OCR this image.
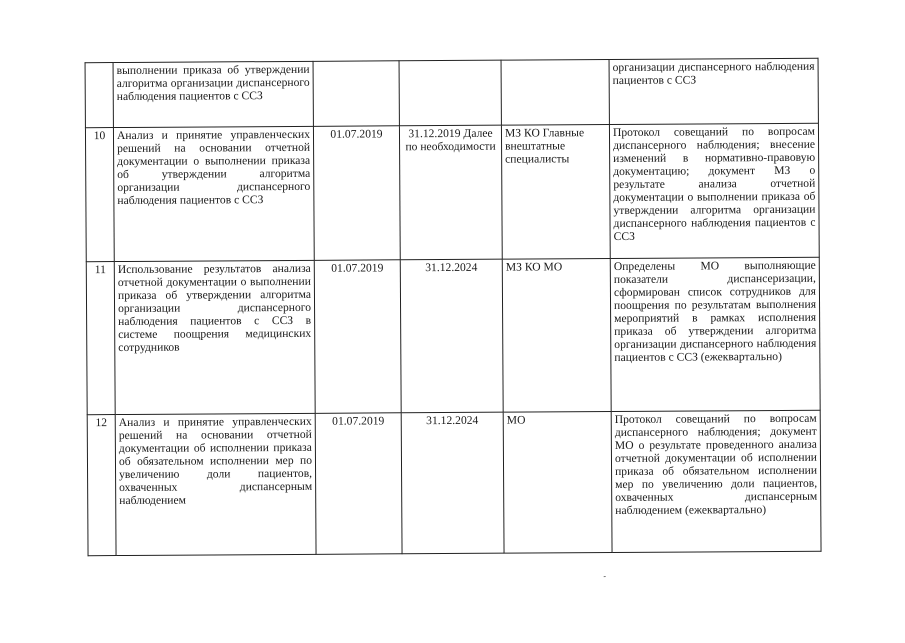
	выполнении приказа об утверждении алгоритма организации диспансерного наблюдения пациентов с ССЗ				организации диспансерного наблюдения пациентов с ССЗ
10	Анализ и принятие управленческих решений на основании отчетной документации о выполнении приказа об утверждении алгоритма организации диспансерного наблюдения пациентов с ССЗ	01.07.2019	31.12.2019 Далее по необходимости	МЗ КО Главные внештатные специалисты	Протокол совещаний по вопросам диспансерного наблюдения; внесение изменений в нормативно-правовую документацию; документ МЗ о результате анализа отчетной документации о выполнении приказа об утверждении алгоритма организации диспансерного наблюдения пациентов с ССЗ
11	Использование результатов анализа отчетной документации о выполнении приказа об утверждении алгоритма организации диспансерного наблюдения пациентов с ССЗ в системе поощрения медицинских сотрудников	01.07.2019	31.12.2024	МЗ КО МО	Определены МО выполняющие показатели диспансеризации, сформирован список сотрудников для поощрения по результатам выполнения мероприятий в рамках исполнения приказа об утверждении алгоритма организации диспансерного наблюдения пациентов с ССЗ (ежеквартально)
12	Анализ и принятие управленческих решений на основании отчетной документации об исполнении приказа об обязательном исполнении мер по увеличению доли пациентов, охваченных диспансерным наблюдением	01.07.2019	31.12.2024	МО	Протокол совещаний по вопросам диспансерного наблюдения; документ МО о результате проведенного анализа отчетной документации об исполнении приказа об обязательном исполнении мер по увеличению доли пациентов, охваченных диспансерным наблюдением (ежеквартально)
